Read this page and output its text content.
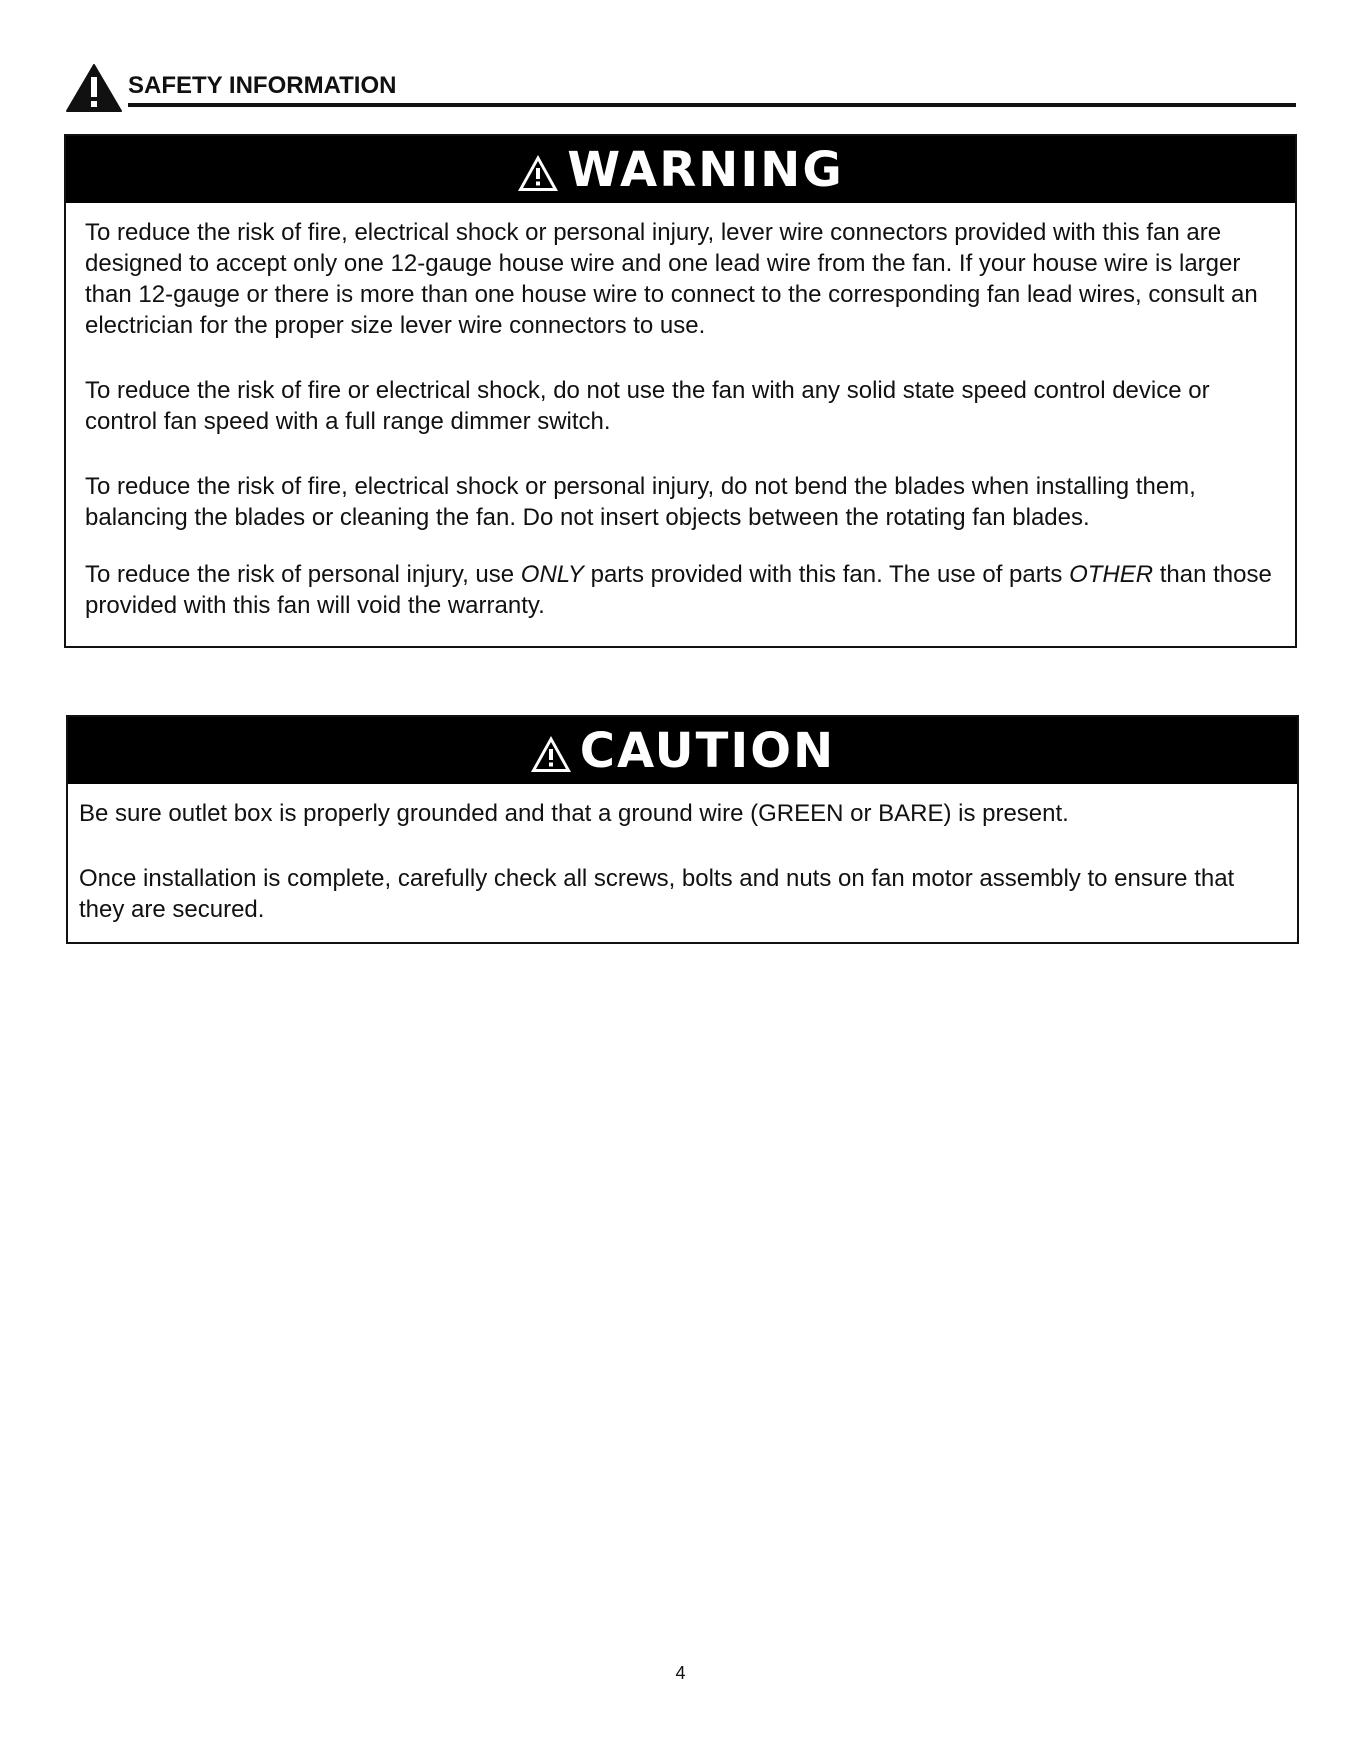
SAFETY INFORMATION
WARNING

To reduce the risk of fire, electrical shock or personal injury, lever wire connectors provided with this fan are designed to accept only one 12-gauge house wire and one lead wire from the fan. If your house wire is larger than 12-gauge or there is more than one house wire to connect to the corresponding fan lead wires, consult an electrician for the proper size lever wire connectors to use.

To reduce the risk of fire or electrical shock, do not use the fan with any solid state speed control device or control fan speed with a full range dimmer switch.

To reduce the risk of fire, electrical shock or personal injury, do not bend the blades when installing them, balancing the blades or cleaning the fan. Do not insert objects between the rotating fan blades.

To reduce the risk of personal injury, use ONLY parts provided with this fan. The use of parts OTHER than those provided with this fan will void the warranty.

CAUTION

Be sure outlet box is properly grounded and that a ground wire (GREEN or BARE) is present.

Once installation is complete, carefully check all screws, bolts and nuts on fan motor assembly to ensure that they are secured.

4
